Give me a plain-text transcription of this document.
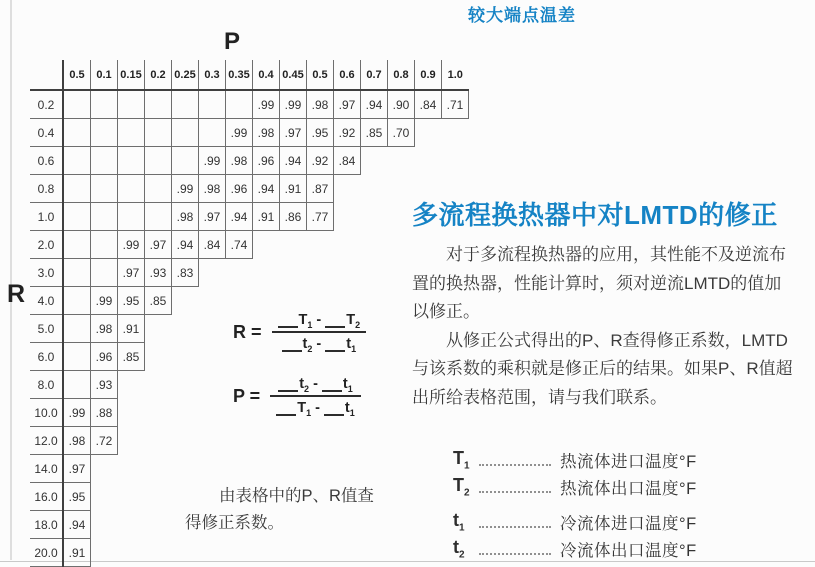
较大端点温差
P
R
	0.5	0.1	0.15	0.2	0.25	0.3	0.35	0.4	0.45	0.5	0.6	0.7	0.8	0.9	1.0
0.2								.99	.99	.98	.97	.94	.90	.84	.71
0.4							.99	.98	.97	.95	.92	.85	.70		
0.6						.99	.98	.96	.94	.92	.84				
0.8					.99	.98	.96	.94	.91	.87					
1.0					.98	.97	.94	.91	.86	.77					
2.0			.99	.97	.94	.84	.74								
3.0			.97	.93	.83										
4.0		.99	.95	.85											
5.0		.98	.91												
6.0		.96	.85												
8.0		.93													
10.0	.99	.88													
12.0	.98	.72													
14.0	.97														
16.0	.95														
18.0	.94														
20.0	.91														
$R = T_1$ -	$T_2$
$t_2$ -	$t_1$
$P = t_2$ -	$t_1$
$T_1$ -	$t_1$
由表格中的P、R值查
得修正系数。
多流程换热器中对LMTD的修正
对于多流程换热器的应用，其性能不及逆流布
置的换热器，性能计算时，须对逆流LMTD的值加
以修正。
从修正公式得出的P、R查得修正系数，LMTD
与该系数的乘积就是修正后的结果。如果P、R值超
出所给表格范围，请与我们联系。
$T_1$	热流体进口温度°F
$T_2$	热流体出口温度°F
$t_1$	冷流体进口温度°F
$t_2$	冷流体出口温度°F
